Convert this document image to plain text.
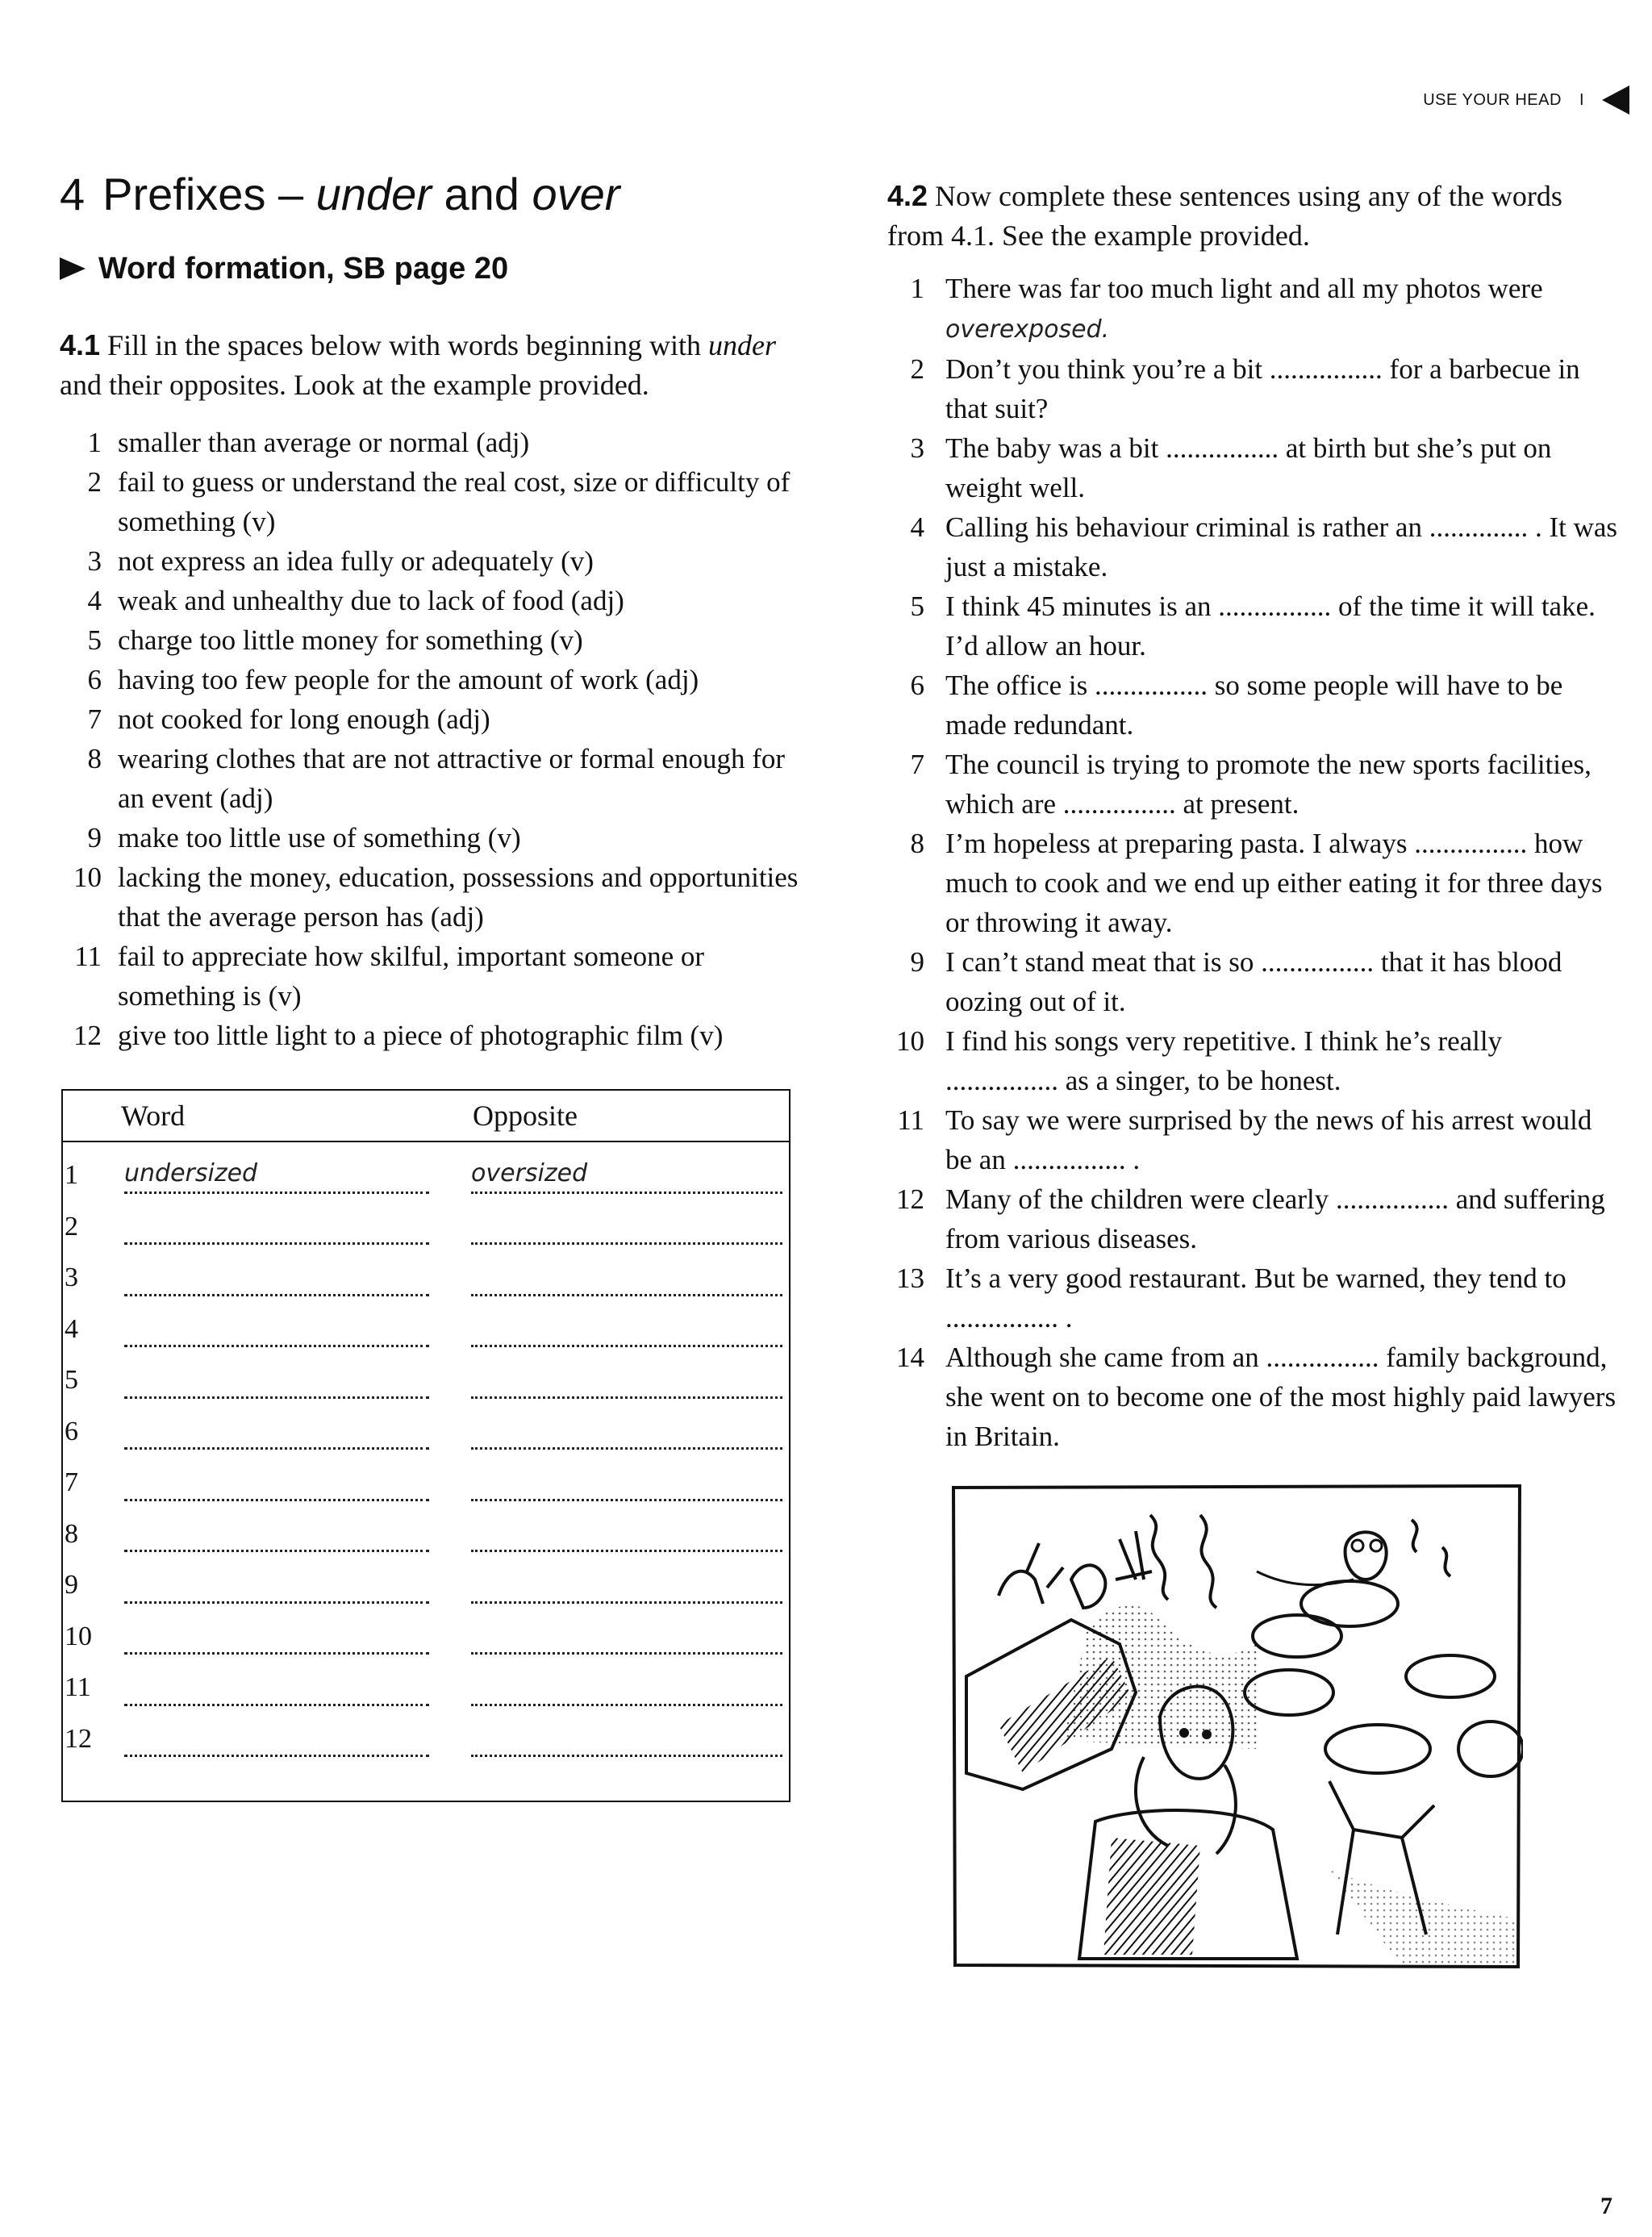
USE YOUR HEAD I
4 Prefixes – under and over
Word formation, SB page 20
4.1 Fill in the spaces below with words beginning with under and their opposites. Look at the example provided.
1 smaller than average or normal (adj)
2 fail to guess or understand the real cost, size or difficulty of something (v)
3 not express an idea fully or adequately (v)
4 weak and unhealthy due to lack of food (adj)
5 charge too little money for something (v)
6 having too few people for the amount of work (adj)
7 not cooked for long enough (adj)
8 wearing clothes that are not attractive or formal enough for an event (adj)
9 make too little use of something (v)
10 lacking the money, education, possessions and opportunities that the average person has (adj)
11 fail to appreciate how skilful, important someone or something is (v)
12 give too little light to a piece of photographic film (v)
Word	Opposite
1	undersized	oversized
2
3
4
5
6
7
8
9
10
11
12
4.2 Now complete these sentences using any of the words from 4.1. See the example provided.
1 There was far too much light and all my photos were
overexposed.
2 Don’t you think you’re a bit ................ for a barbecue in that suit?
3 The baby was a bit ................ at birth but she’s put on weight well.
4 Calling his behaviour criminal is rather an .............. . It was just a mistake.
5 I think 45 minutes is an ................ of the time it will take. I’d allow an hour.
6 The office is ................ so some people will have to be made redundant.
7 The council is trying to promote the new sports facilities, which are ................ at present.
8 I’m hopeless at preparing pasta. I always ................ how much to cook and we end up either eating it for three days or throwing it away.
9 I can’t stand meat that is so ................ that it has blood oozing out of it.
10 I find his songs very repetitive. I think he’s really ................ as a singer, to be honest.
11 To say we were surprised by the news of his arrest would be an ................ .
12 Many of the children were clearly ................ and suffering from various diseases.
13 It’s a very good restaurant. But be warned, they tend to ................ .
14 Although she came from an ................ family background, she went on to become one of the most highly paid lawyers in Britain.
7
